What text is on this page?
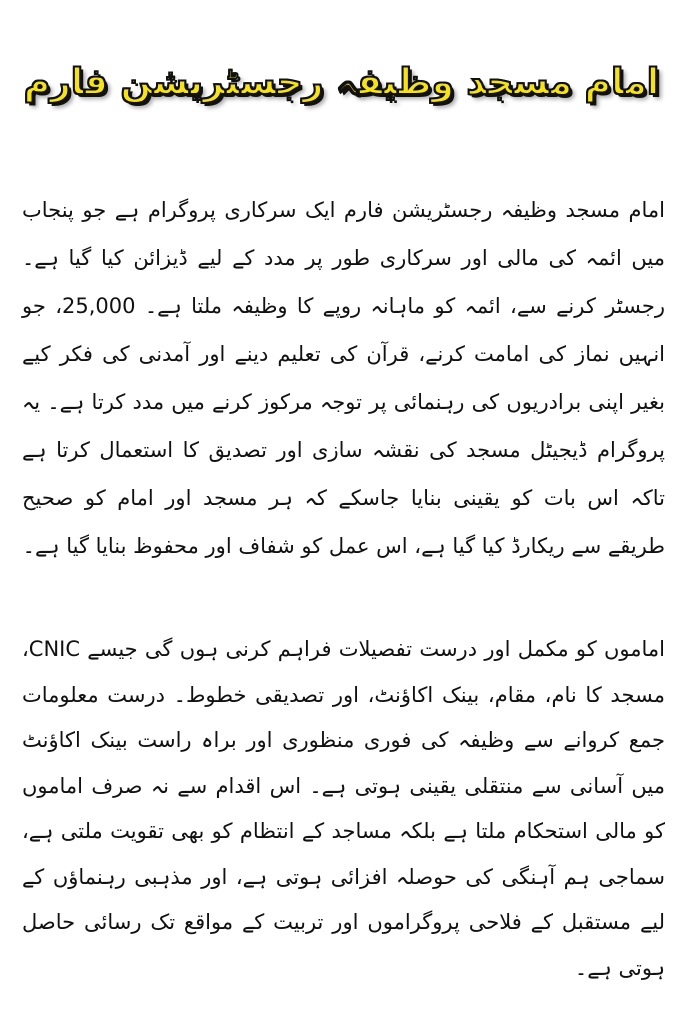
امام مسجد وظیفہ رجسٹریشن فارم

امام مسجد وظیفہ رجسٹریشن فارم ایک سرکاری پروگرام ہے جو پنجاب میں ائمہ کی مالی اور سرکاری طور پر مدد کے لیے ڈیزائن کیا گیا ہے۔ رجسٹر کرنے سے، ائمہ کو ماہانہ روپے کا وظیفہ ملتا ہے۔ 25,000، جو انہیں نماز کی امامت کرنے، قرآن کی تعلیم دینے اور آمدنی کی فکر کیے بغیر اپنی برادریوں کی رہنمائی پر توجہ مرکوز کرنے میں مدد کرتا ہے۔ یہ پروگرام ڈیجیٹل مسجد کی نقشہ سازی اور تصدیق کا استعمال کرتا ہے تاکہ اس بات کو یقینی بنایا جاسکے کہ ہر مسجد اور امام کو صحیح طریقے سے ریکارڈ کیا گیا ہے، اس عمل کو شفاف اور محفوظ بنایا گیا ہے۔

اماموں کو مکمل اور درست تفصیلات فراہم کرنی ہوں گی جیسے CNIC، مسجد کا نام، مقام، بینک اکاؤنٹ، اور تصدیقی خطوط۔ درست معلومات جمع کروانے سے وظیفہ کی فوری منظوری اور براہ راست بینک اکاؤنٹ میں آسانی سے منتقلی یقینی ہوتی ہے۔ اس اقدام سے نہ صرف اماموں کو مالی استحکام ملتا ہے بلکہ مساجد کے انتظام کو بھی تقویت ملتی ہے، سماجی ہم آہنگی کی حوصلہ افزائی ہوتی ہے، اور مذہبی رہنماؤں کے لیے مستقبل کے فلاحی پروگراموں اور تربیت کے مواقع تک رسائی حاصل ہوتی ہے۔
